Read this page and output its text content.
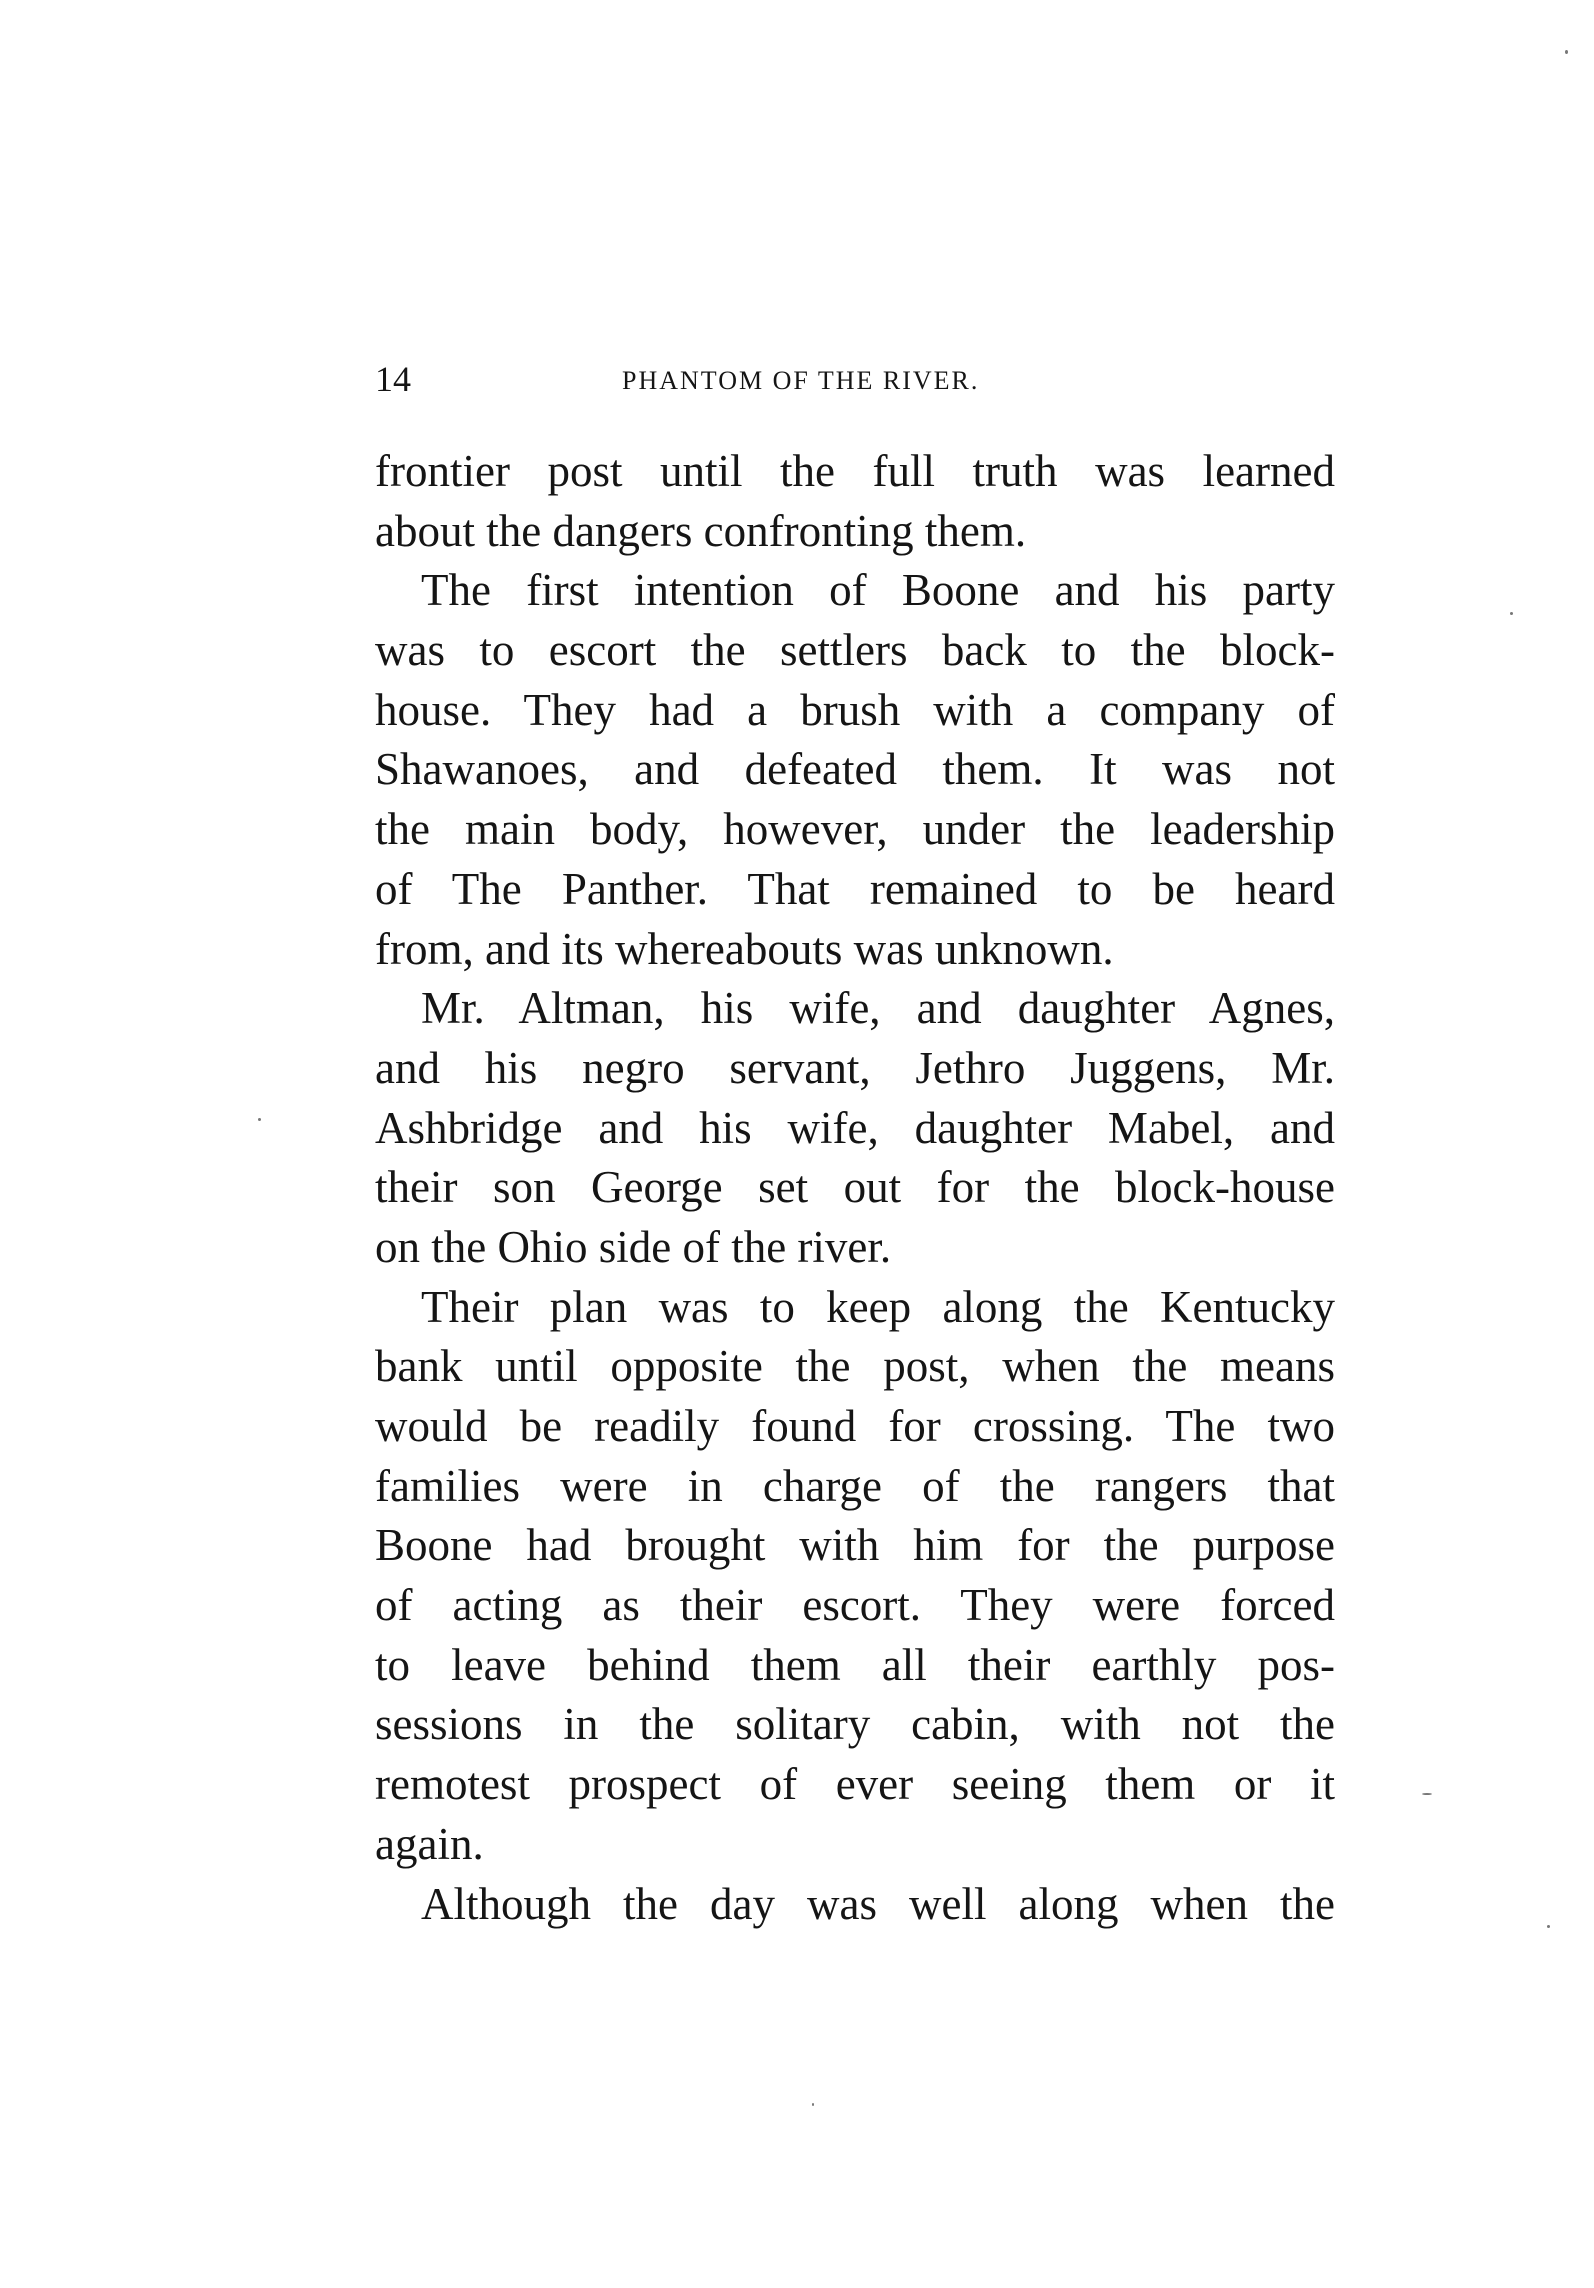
14	PHANTOM OF THE RIVER.
frontier post until the full truth was learned
about the dangers confronting them.
The first intention of Boone and his party
was to escort the settlers back to the block-
house. They had a brush with a company of
Shawanoes, and defeated them. It was not
the main body, however, under the leadership
of The Panther. That remained to be heard
from, and its whereabouts was unknown.
Mr. Altman, his wife, and daughter Agnes,
and his negro servant, Jethro Juggens, Mr.
Ashbridge and his wife, daughter Mabel, and
their son George set out for the block-house
on the Ohio side of the river.
Their plan was to keep along the Kentucky
bank until opposite the post, when the means
would be readily found for crossing. The two
families were in charge of the rangers that
Boone had brought with him for the purpose
of acting as their escort. They were forced
to leave behind them all their earthly pos-
sessions in the solitary cabin, with not the
remotest prospect of ever seeing them or it
again.
Although the day was well along when the
